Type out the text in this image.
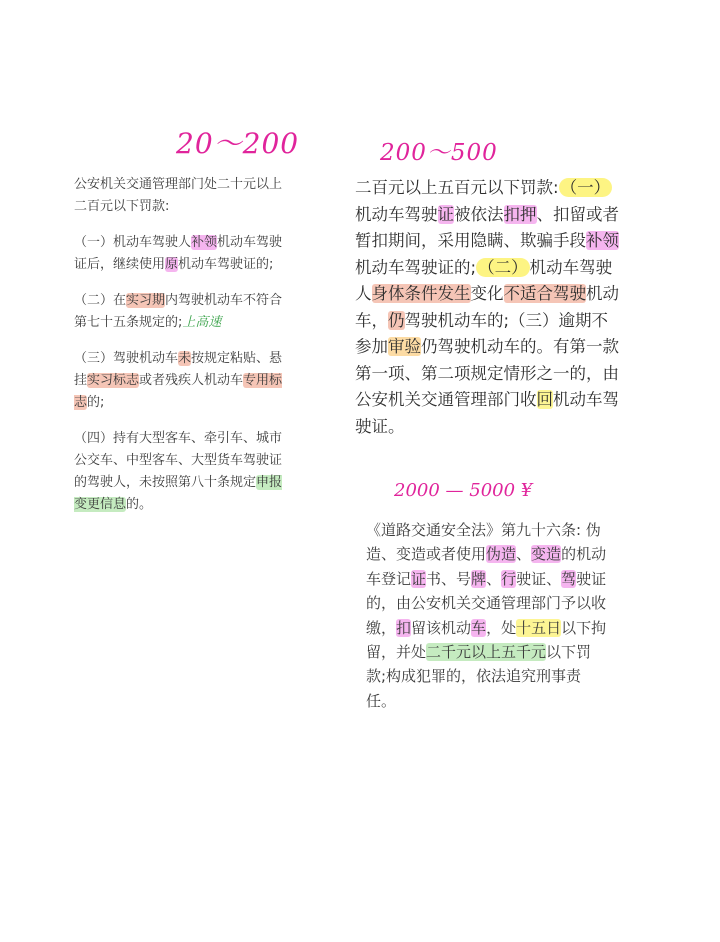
20～200	200～500
2000 — 5000 ¥

公安机关交通管理部门处二十元以上二百元以下罚款:

（一）机动车驾驶人补领机动车驾驶证后，继续使用原机动车驾驶证的;

（二）在实习期内驾驶机动车不符合第七十五条规定的;上高速

（三）驾驶机动车未按规定粘贴、悬挂实习标志或者残疾人机动车专用标志的;

（四）持有大型客车、牵引车、城市公交车、中型客车、大型货车驾驶证的驾驶人，未按照第八十条规定申报变更信息的。

二百元以上五百元以下罚款: （一）机动车驾驶证被依法扣押、扣留或者暂扣期间，采用隐瞒、欺骗手段补领机动车驾驶证的; （二） 机动车驾驶人身体条件发生变化不适合驾驶机动车，仍驾驶机动车的;（三）逾期不参加审验仍驾驶机动车的。有第一款第一项、第二项规定情形之一的，由公安机关交通管理部门收回机动车驾驶证。

《道路交通安全法》第九十六条: 伪造、变造或者使用伪造、变造的机动车登记证书、号牌、行驶证、驾驶证的，由公安机关交通管理部门予以收缴，扣留该机动车，处十五日以下拘留，并处二千元以上五千元以下罚款;构成犯罪的，依法追究刑事责任。
